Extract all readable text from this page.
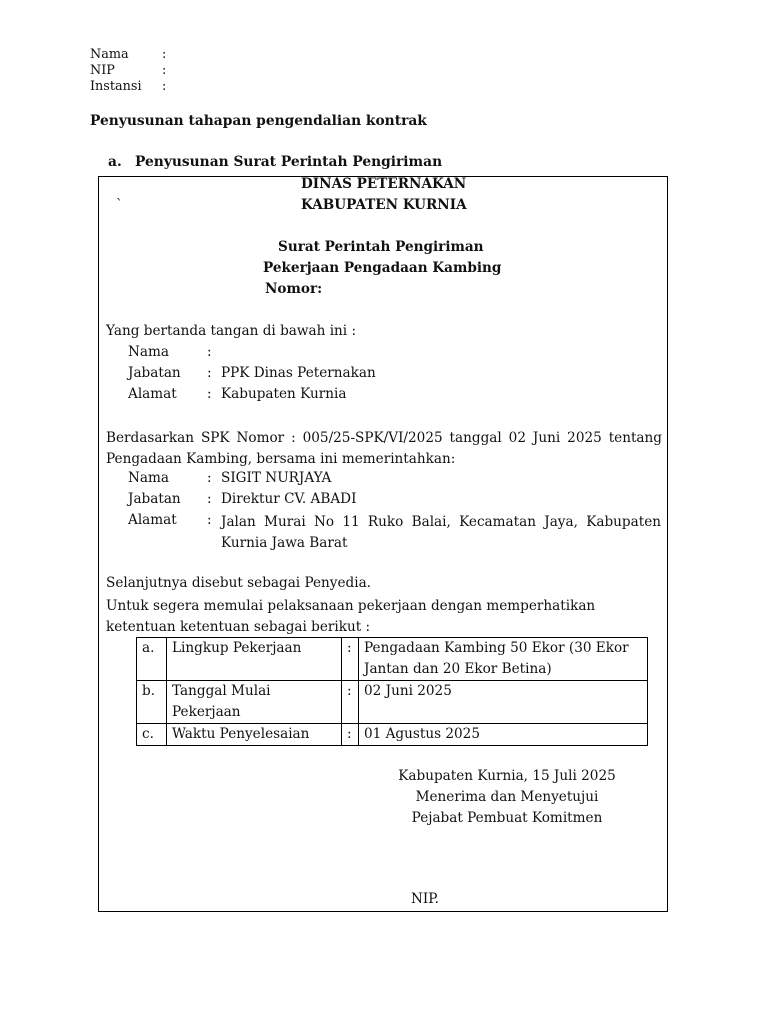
Nama	:
NIP	:
Instansi :
Penyusunan tahapan pengendalian kontrak
a. Penyusunan Surat Perintah Pengiriman
DINAS PETERNAKAN
`	KABUPATEN KURNIA
Surat Perintah Pengiriman
Pekerjaan Pengadaan Kambing
Nomor:
Yang bertanda tangan di bawah ini :
Nama	:
Jabatan : PPK Dinas Peternakan
Alamat : Kabupaten Kurnia
Berdasarkan SPK Nomor : 005/25-SPK/VI/2025 tanggal 02 Juni 2025 tentang Pengadaan Kambing, bersama ini memerintahkan:
Nama	: SIGIT NURJAYA
Jabatan : Direktur CV. ABADI
Alamat : Jalan Murai No 11 Ruko Balai, Kecamatan Jaya, Kabupaten Kurnia Jawa Barat
Selanjutnya disebut sebagai Penyedia.
Untuk segera memulai pelaksanaan pekerjaan dengan memperhatikan ketentuan ketentuan sebagai berikut :
a.	Lingkup Pekerjaan	:	Pengadaan Kambing 50 Ekor (30 Ekor Jantan dan 20 Ekor Betina)
b.	Tanggal Mulai Pekerjaan	:	02 Juni 2025
c.	Waktu Penyelesaian	:	01 Agustus 2025
Kabupaten Kurnia, 15 Juli 2025
Menerima dan Menyetujui
Pejabat Pembuat Komitmen
NIP.
